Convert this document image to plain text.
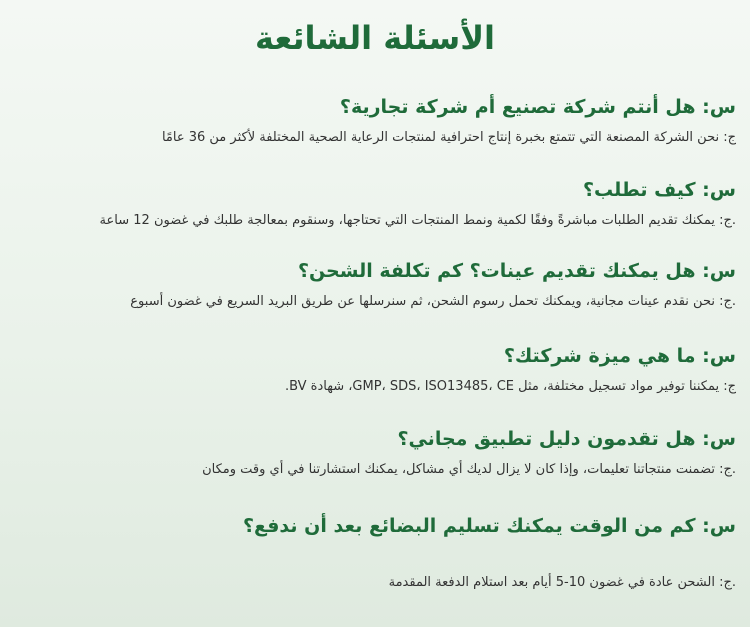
الأسئلة الشائعة

س: هل أنتم شركة تصنيع أم شركة تجارية؟

ج: نحن الشركة المصنعة التي تتمتع بخبرة إنتاج احترافية لمنتجات الرعاية الصحية المختلفة لأكثر من 36 عامًا

س: كيف تطلب؟

.ج: يمكنك تقديم الطلبات مباشرةً وفقًا لكمية ونمط المنتجات التي تحتاجها، وسنقوم بمعالجة طلبك في غضون 12 ساعة

س: هل يمكنك تقديم عينات؟ كم تكلفة الشحن؟

.ج: نحن نقدم عينات مجانية، ويمكنك تحمل رسوم الشحن، ثم سنرسلها عن طريق البريد السريع في غضون أسبوع

س: ما هي ميزة شركتك؟

ج: يمكننا توفير مواد تسجيل مختلفة، مثل GMP، SDS، ISO13485، CE، شهادة BV.

س: هل تقدمون دليل تطبيق مجاني؟

.ج: تضمنت منتجاتنا تعليمات، وإذا كان لا يزال لديك أي مشاكل، يمكنك استشارتنا في أي وقت ومكان

س: كم من الوقت يمكنك تسليم البضائع بعد أن ندفع؟

.ج: الشحن عادة في غضون 10-5 أيام بعد استلام الدفعة المقدمة
